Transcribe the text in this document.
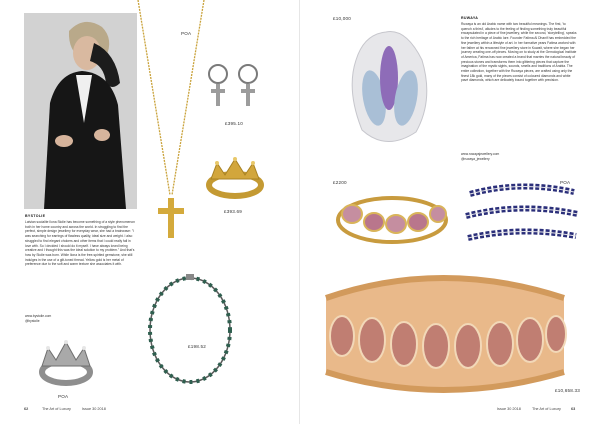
POA
£395.10
£393.69
BYSTOLIE
Latvian socialite Ilona Stolie has become something of a style phenomenon both in her home country and across the world. In struggling to find the perfect, simple design jewellery for everyday wear, she had a brainwave: "I was searching for earrings of flawless quality, ideal size and weight. I also struggled to find elegant chokers and other items that I could really fall in love with. So I decided I should do it myself. I have always loved being creative and I thought this was the ideal solution to my problem." And that's how by Stolie was born. While Ilona is the free-spirited gemstone, she still indulges in the use of a gilt-toned thread. Yellow gold is her metal of preference due to the soft and warm texture she associates it with.
www.bystolie.com
@bystolie
£198.52
POA
62	The Art of Luxury	Issue 30 2018
£10,000	RUWAYA
Ruwaya is an old Arabic name with two beautiful meanings. The first, 'to quench a thirst', alludes to the feeling of finding something truly beautiful encapsulated in a piece of fine jewellery, while the second, 'storytelling', speaks to the rich heritage of Arabic lore. Founder Fatima Al Dhanif has embedded the fine jewellery within a lifestyle of art. In her formative years Fatima worked with her father at his renowned fine jewellery store in Kuwait, where she began her journey creating one-off pieces. Moving on to study at the Gemological Institute of America, Fatima has now created a brand that marries the natural beauty of precious stones and transforms them into glittering pieces that capture the imagination of the mystic sights, sounds, smells and traditions of Arabia. The entire collection, together with the Ruwaya pieces, are crafted using only the finest 18k gold, many of the pieces consist of coloured diamonds and white pavé diamonds, which are delicately bound together with precision.
www.ruwayajewellery.com
@ruwaya_jewellery
£2200	POA
£10,658.33
Issue 30 2018	The Art of Luxury	63
